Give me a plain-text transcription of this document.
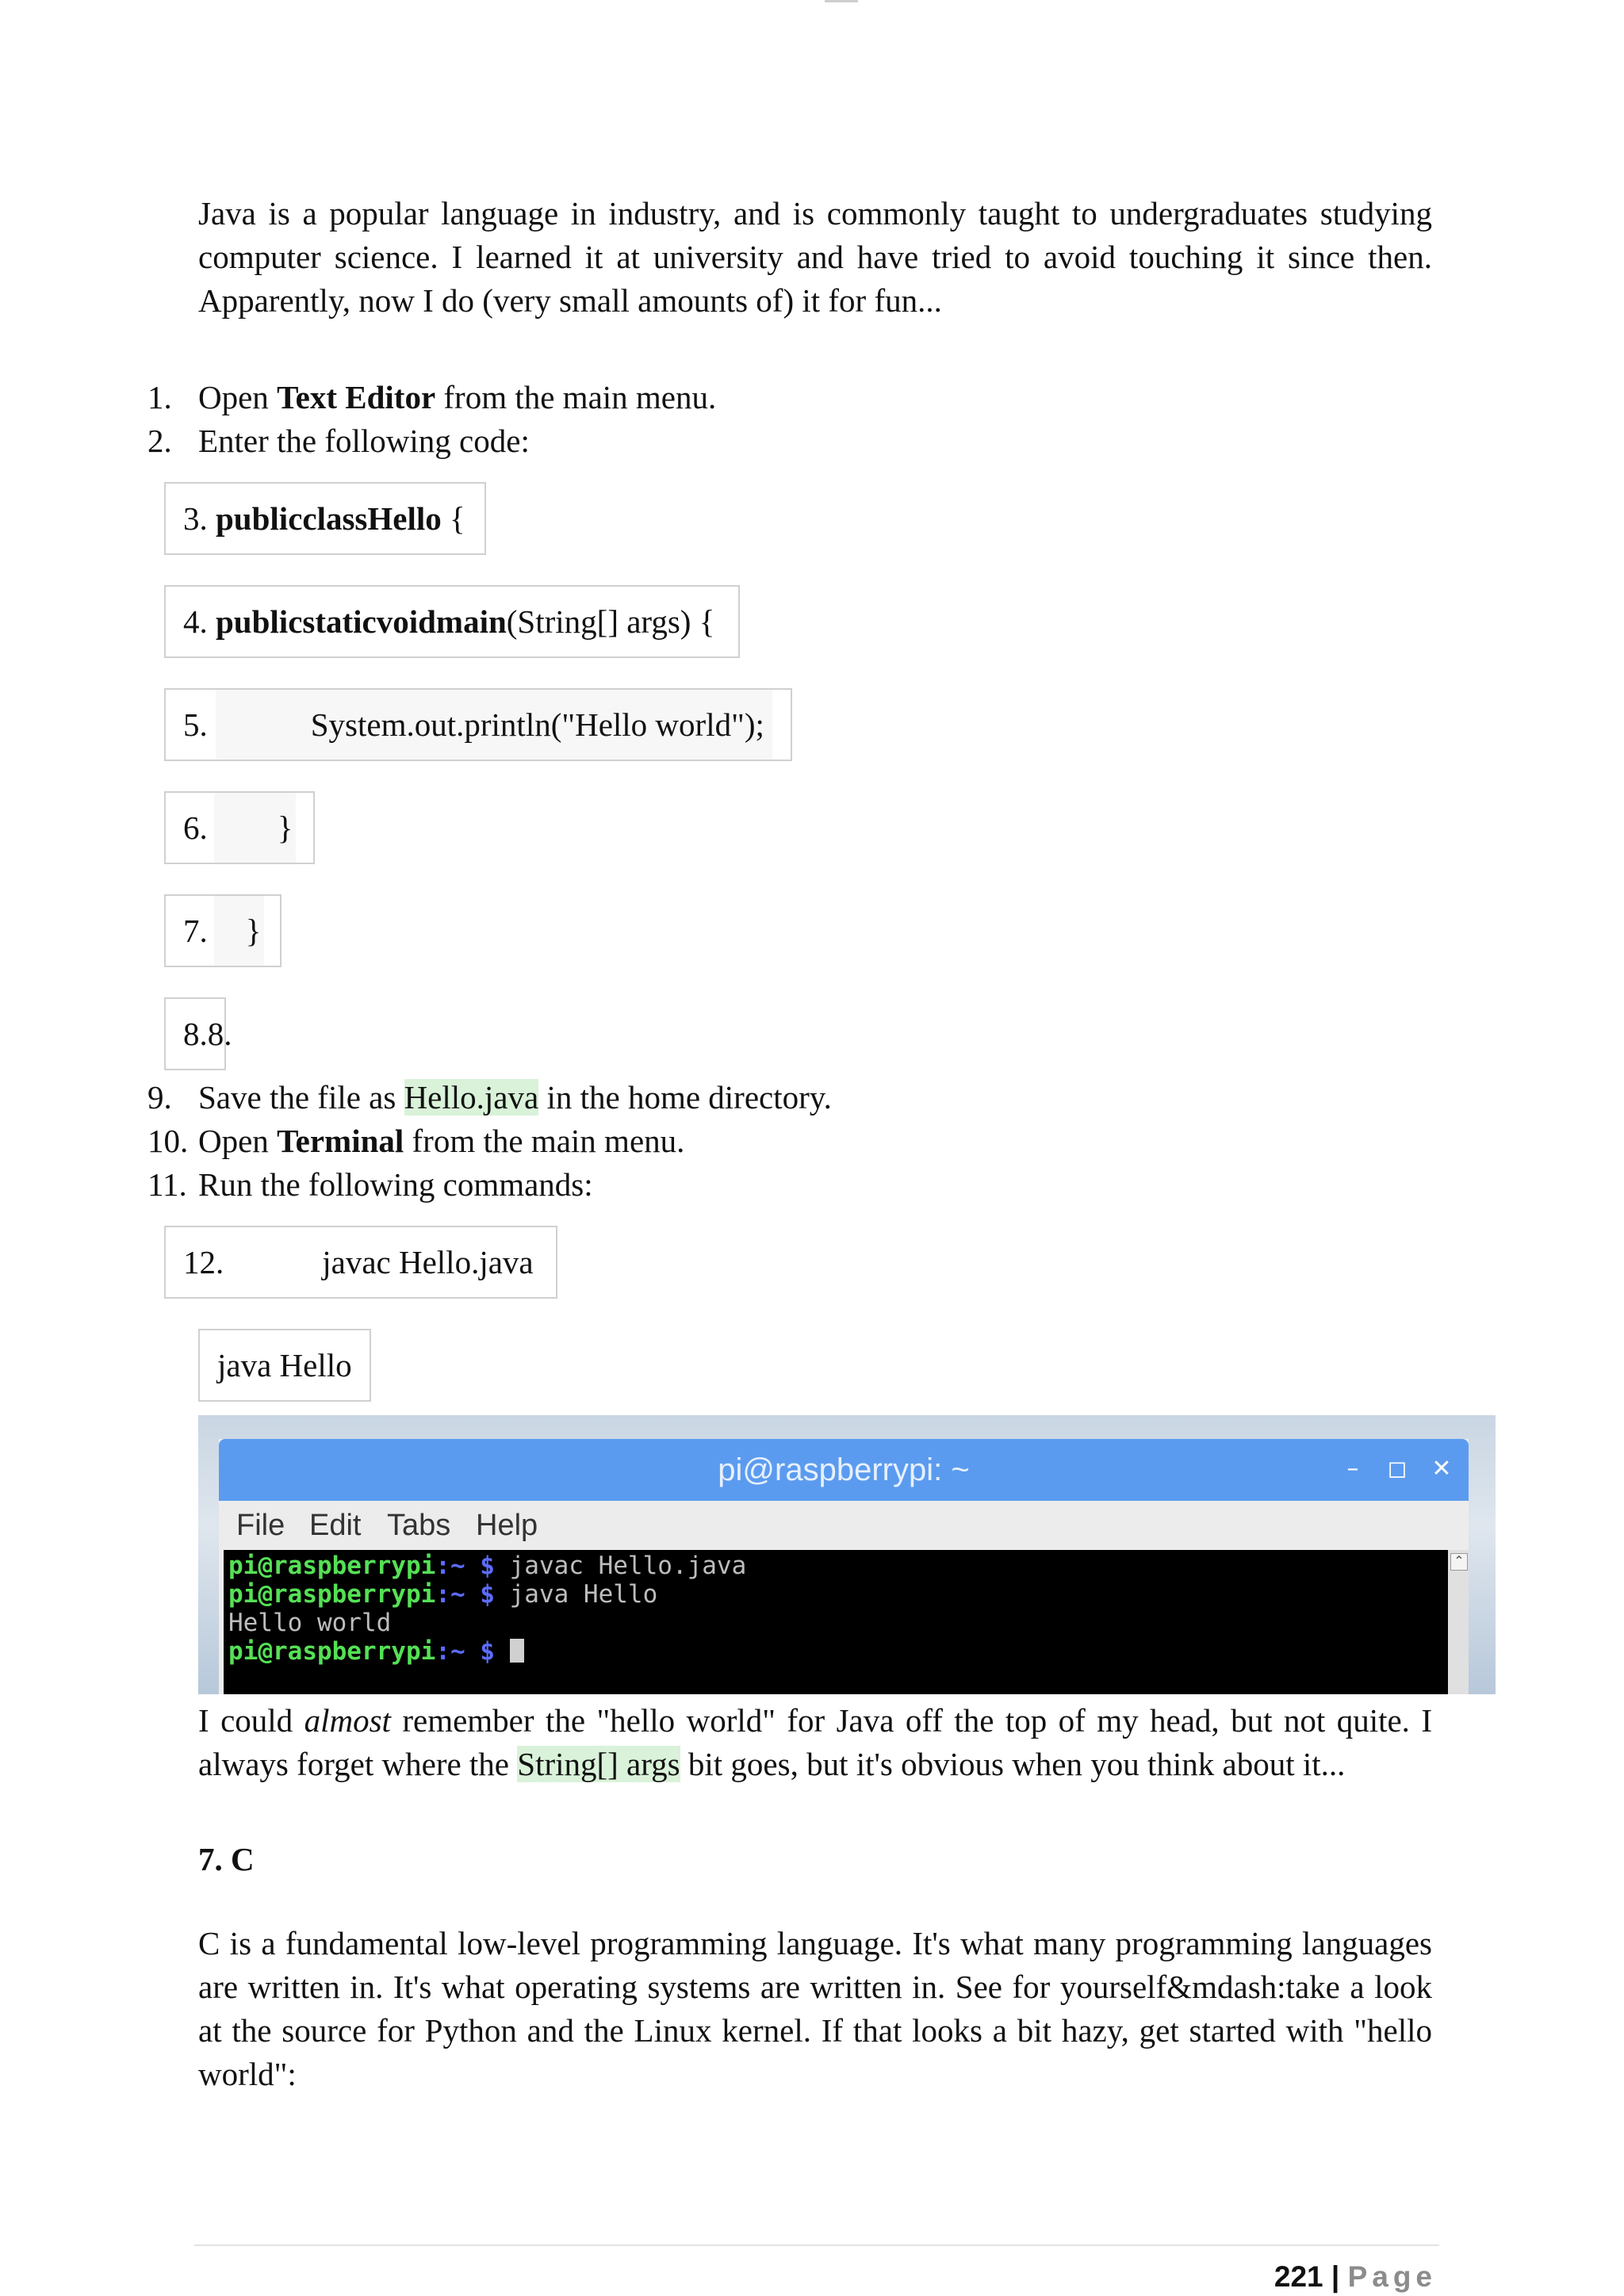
Java is a popular language in industry, and is commonly taught to undergraduates studying computer science. I learned it at university and have tried to avoid touching it since then. Apparently, now I do (very small amounts of) it for fun...

1. Open Text Editor from the main menu.
2. Enter the following code:
3. publicclassHello {
4. publicstaticvoidmain(String[] args) {
5.	System.out.println("Hello world");
6. }
7. }
8.8.
9. Save the file as Hello.java in the home directory.
10. Open Terminal from the main menu.
11. Run the following commands:
12.	javac Hello.java
java Hello
pi@raspberrypi: ~	–	◻ ✕
File Edit Tabs Help
pi@raspberrypi:~ $ javac Hello.java
pi@raspberrypi:~ $ java Hello
Hello world
pi@raspberrypi:~ $
⌃

I could almost remember the "hello world" for Java off the top of my head, but not quite. I always forget where the String[] args bit goes, but it's obvious when you think about it...

7. C

C is a fundamental low-level programming language. It's what many programming languages are written in. It's what operating systems are written in. See for yourself&mdash:take a look at the source for Python and the Linux kernel. If that looks a bit hazy, get started with "hello world":

221 | Page
